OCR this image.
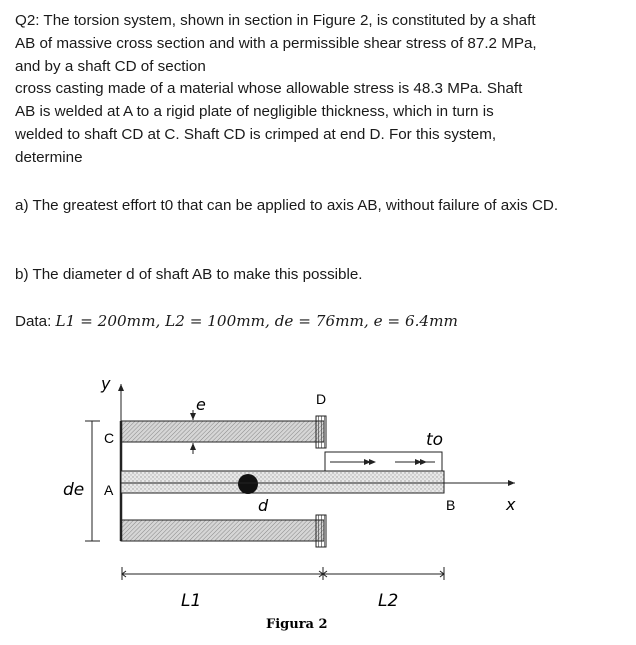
Q2: The torsion system, shown in section in Figure 2, is constituted by a shaft
AB of massive cross section and with a permissible shear stress of 87.2 MPa,
and by a shaft CD of section
cross casting made of a material whose allowable stress is 48.3 MPa. Shaft
AB is welded at A to a rigid plate of negligible thickness, which in turn is
welded to shaft CD at C. Shaft CD is crimped at end D. For this system,
determine
a) The greatest effort t0 that can be applied to axis AB, without failure of axis CD.
b) The diameter d of shaft AB to make this possible.
Data: L1 = 200mm, L2 = 100mm, de = 76mm, e = 6.4mm
y
x
C
A
D
B
e
d
de
to
L1	L2
Figura 2
